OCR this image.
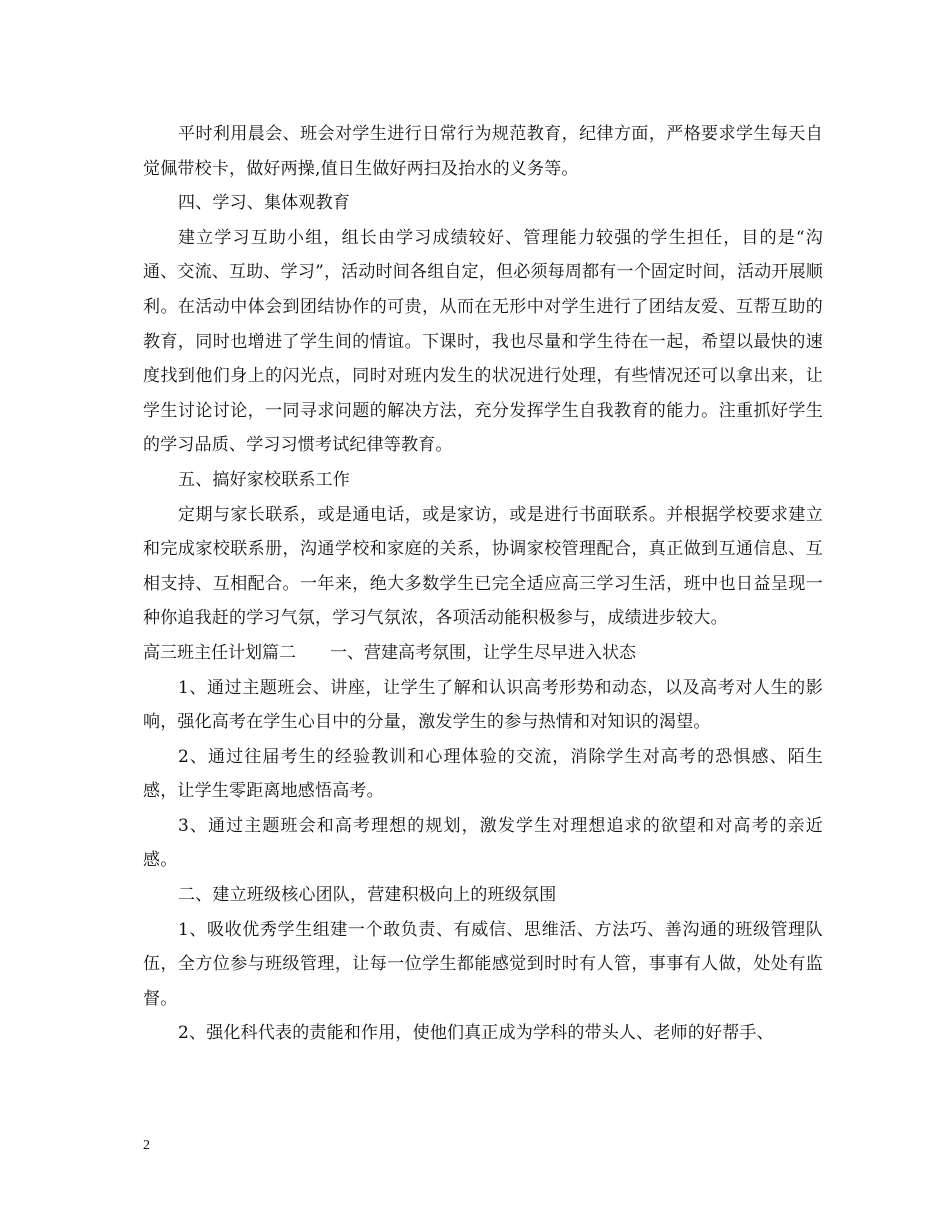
平时利用晨会、班会对学生进行日常行为规范教育，纪律方面，严格要求学生每天自觉佩带校卡，做好两操,值日生做好两扫及抬水的义务等。

四、学习、集体观教育

建立学习互助小组，组长由学习成绩较好、管理能力较强的学生担任，目的是“沟通、交流、互助、学习”，活动时间各组自定，但必须每周都有一个固定时间，活动开展顺利。在活动中体会到团结协作的可贵，从而在无形中对学生进行了团结友爱、互帮互助的教育，同时也增进了学生间的情谊。下课时，我也尽量和学生待在一起，希望以最快的速度找到他们身上的闪光点，同时对班内发生的状况进行处理，有些情况还可以拿出来，让学生讨论讨论，一同寻求问题的解决方法，充分发挥学生自我教育的能力。注重抓好学生的学习品质、学习习惯考试纪律等教育。

五、搞好家校联系工作

定期与家长联系，或是通电话，或是家访，或是进行书面联系。并根据学校要求建立和完成家校联系册，沟通学校和家庭的关系，协调家校管理配合，真正做到互通信息、互相支持、互相配合。一年来，绝大多数学生已完全适应高三学习生活，班中也日益呈现一种你追我赶的学习气氛，学习气氛浓，各项活动能积极参与，成绩进步较大。

高三班主任计划篇二　　一、营建高考氛围，让学生尽早进入状态

1、通过主题班会、讲座，让学生了解和认识高考形势和动态，以及高考对人生的影响，强化高考在学生心目中的分量，激发学生的参与热情和对知识的渴望。

2、通过往届考生的经验教训和心理体验的交流，消除学生对高考的恐惧感、陌生感，让学生零距离地感悟高考。

3、通过主题班会和高考理想的规划，激发学生对理想追求的欲望和对高考的亲近感。

二、建立班级核心团队，营建积极向上的班级氛围

1、吸收优秀学生组建一个敢负责、有威信、思维活、方法巧、善沟通的班级管理队伍，全方位参与班级管理，让每一位学生都能感觉到时时有人管，事事有人做，处处有监督。

2、强化科代表的责能和作用，使他们真正成为学科的带头人、老师的好帮手、

2
